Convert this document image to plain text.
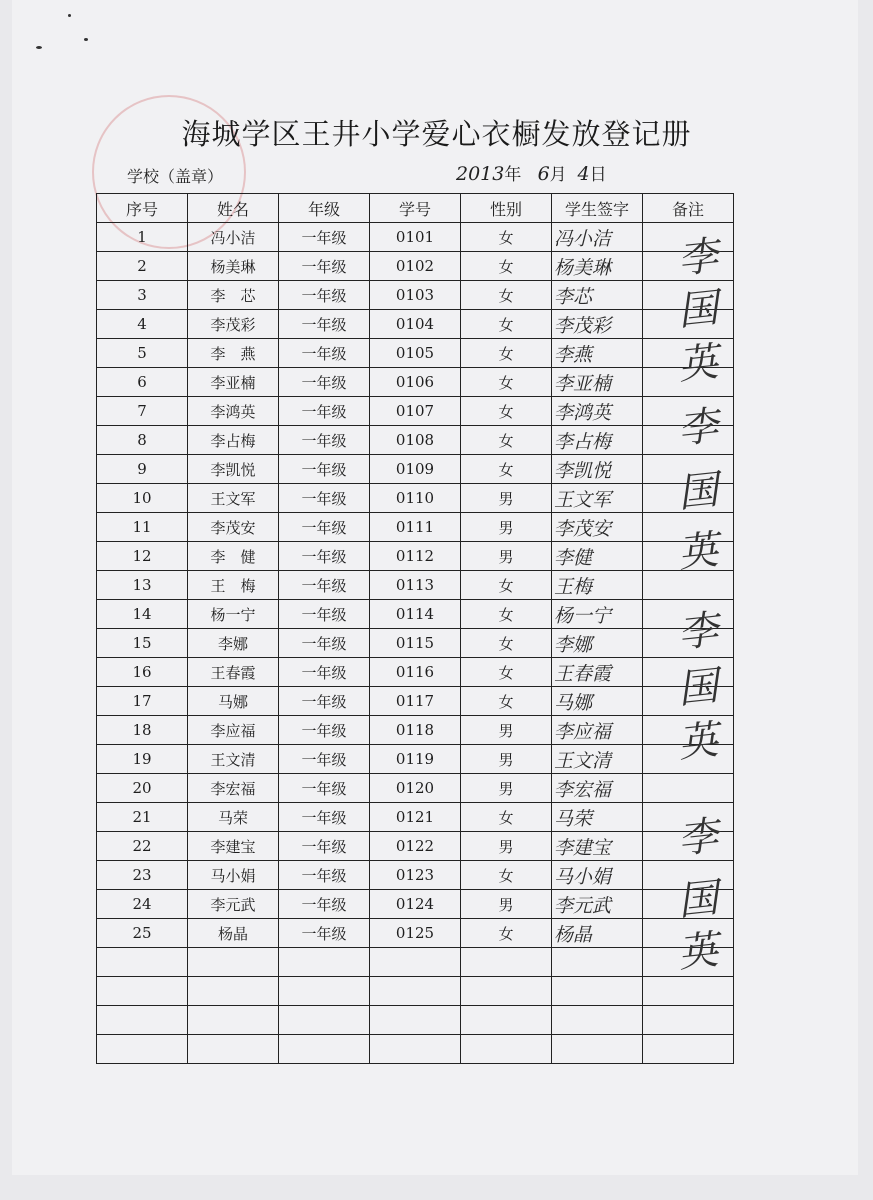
海城学区王井小学爱心衣橱发放登记册
学校（盖章）	2013年 6月 4日
序号	姓名	年级	学号	性别	学生签字	备注
1	冯小洁	一年级	0101	女	冯小洁	
2	杨美琳	一年级	0102	女	杨美琳	
3	李　芯	一年级	0103	女	李芯	
4	李茂彩	一年级	0104	女	李茂彩	
5	李　燕	一年级	0105	女	李燕	
6	李亚楠	一年级	0106	女	李亚楠	
7	李鸿英	一年级	0107	女	李鸿英	
8	李占梅	一年级	0108	女	李占梅	
9	李凯悦	一年级	0109	女	李凯悦	
10	王文军	一年级	0110	男	王文军	
11	李茂安	一年级	0111	男	李茂安	
12	李　健	一年级	0112	男	李健	
13	王　梅	一年级	0113	女	王梅	
14	杨一宁	一年级	0114	女	杨一宁	
15	李娜	一年级	0115	女	李娜	
16	王春霞	一年级	0116	女	王春霞	
17	马娜	一年级	0117	女	马娜	
18	李应福	一年级	0118	男	李应福	
19	王文清	一年级	0119	男	王文清	
20	李宏福	一年级	0120	男	李宏福	
21	马荣	一年级	0121	女	马荣	
22	李建宝	一年级	0122	男	李建宝	
23	马小娟	一年级	0123	女	马小娟	
24	李元武	一年级	0124	男	李元武	
25	杨晶	一年级	0125	女	杨晶	

李
国
英
李
国
英
李
国
英
李
国
英
